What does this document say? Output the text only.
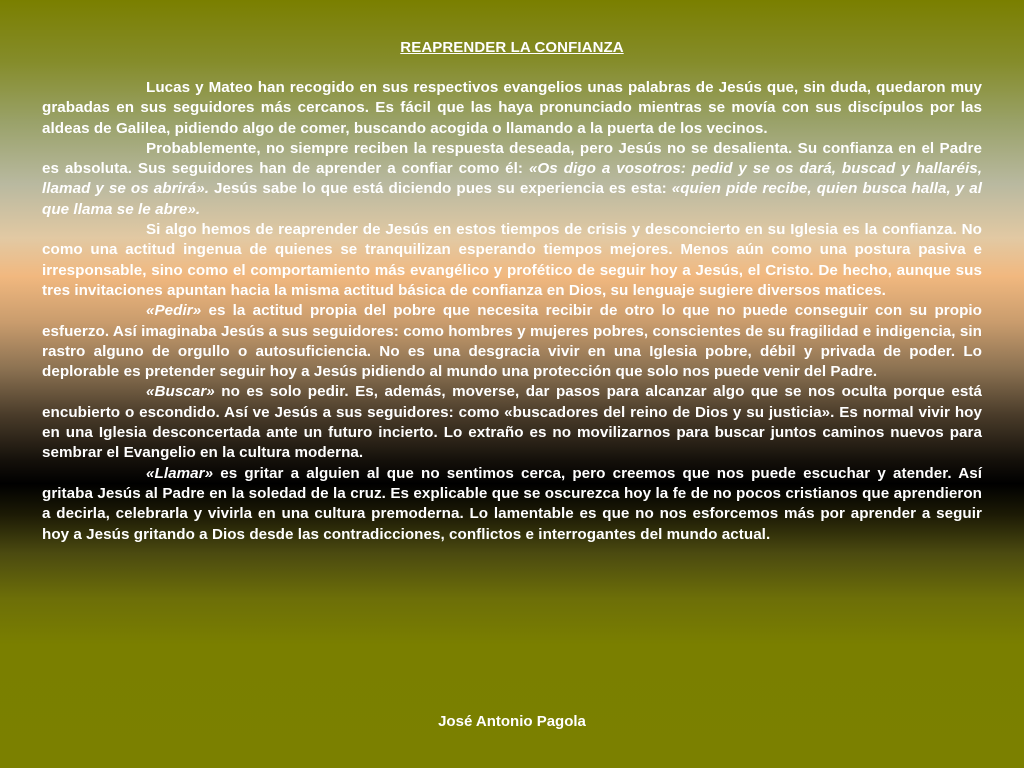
REAPRENDER LA CONFIANZA

Lucas y Mateo han recogido en sus respectivos evangelios unas palabras de Jesús que, sin duda, quedaron muy grabadas en sus seguidores más cercanos. Es fácil que las haya pronunciado mientras se movía con sus discípulos por las aldeas de Galilea, pidiendo algo de comer, buscando acogida o llamando a la puerta de los vecinos.

Probablemente, no siempre reciben la respuesta deseada, pero Jesús no se desalienta. Su confianza en el Padre es absoluta. Sus seguidores han de aprender a confiar como él: «Os digo a vosotros: pedid y se os dará, buscad y hallaréis, llamad y se os abrirá». Jesús sabe lo que está diciendo pues su experiencia es esta: «quien pide recibe, quien busca halla, y al que llama se le abre».

Si algo hemos de reaprender de Jesús en estos tiempos de crisis y desconcierto en su Iglesia es la confianza. No como una actitud ingenua de quienes se tranquilizan esperando tiempos mejores. Menos aún como una postura pasiva e irresponsable, sino como el comportamiento más evangélico y profético de seguir hoy a Jesús, el Cristo. De hecho, aunque sus tres invitaciones apuntan hacia la misma actitud básica de confianza en Dios, su lenguaje sugiere diversos matices.

«Pedir» es la actitud propia del pobre que necesita recibir de otro lo que no puede conseguir con su propio esfuerzo. Así imaginaba Jesús a sus seguidores: como hombres y mujeres pobres, conscientes de su fragilidad e indigencia, sin rastro alguno de orgullo o autosuficiencia. No es una desgracia vivir en una Iglesia pobre, débil y privada de poder. Lo deplorable es pretender seguir hoy a Jesús pidiendo al mundo una protección que solo nos puede venir del Padre.

«Buscar» no es solo pedir. Es, además, moverse, dar pasos para alcanzar algo que se nos oculta porque está encubierto o escondido. Así ve Jesús a sus seguidores: como «buscadores del reino de Dios y su justicia». Es normal vivir hoy en una Iglesia desconcertada ante un futuro incierto. Lo extraño es no movilizarnos para buscar juntos caminos nuevos para sembrar el Evangelio en la cultura moderna.

«Llamar» es gritar a alguien al que no sentimos cerca, pero creemos que nos puede escuchar y atender. Así gritaba Jesús al Padre en la soledad de la cruz. Es explicable que se oscurezca hoy la fe de no pocos cristianos que aprendieron a decirla, celebrarla y vivirla en una cultura premoderna. Lo lamentable es que no nos esforcemos más por aprender a seguir hoy a Jesús gritando a Dios desde las contradicciones, conflictos e interrogantes del mundo actual.

José Antonio Pagola
